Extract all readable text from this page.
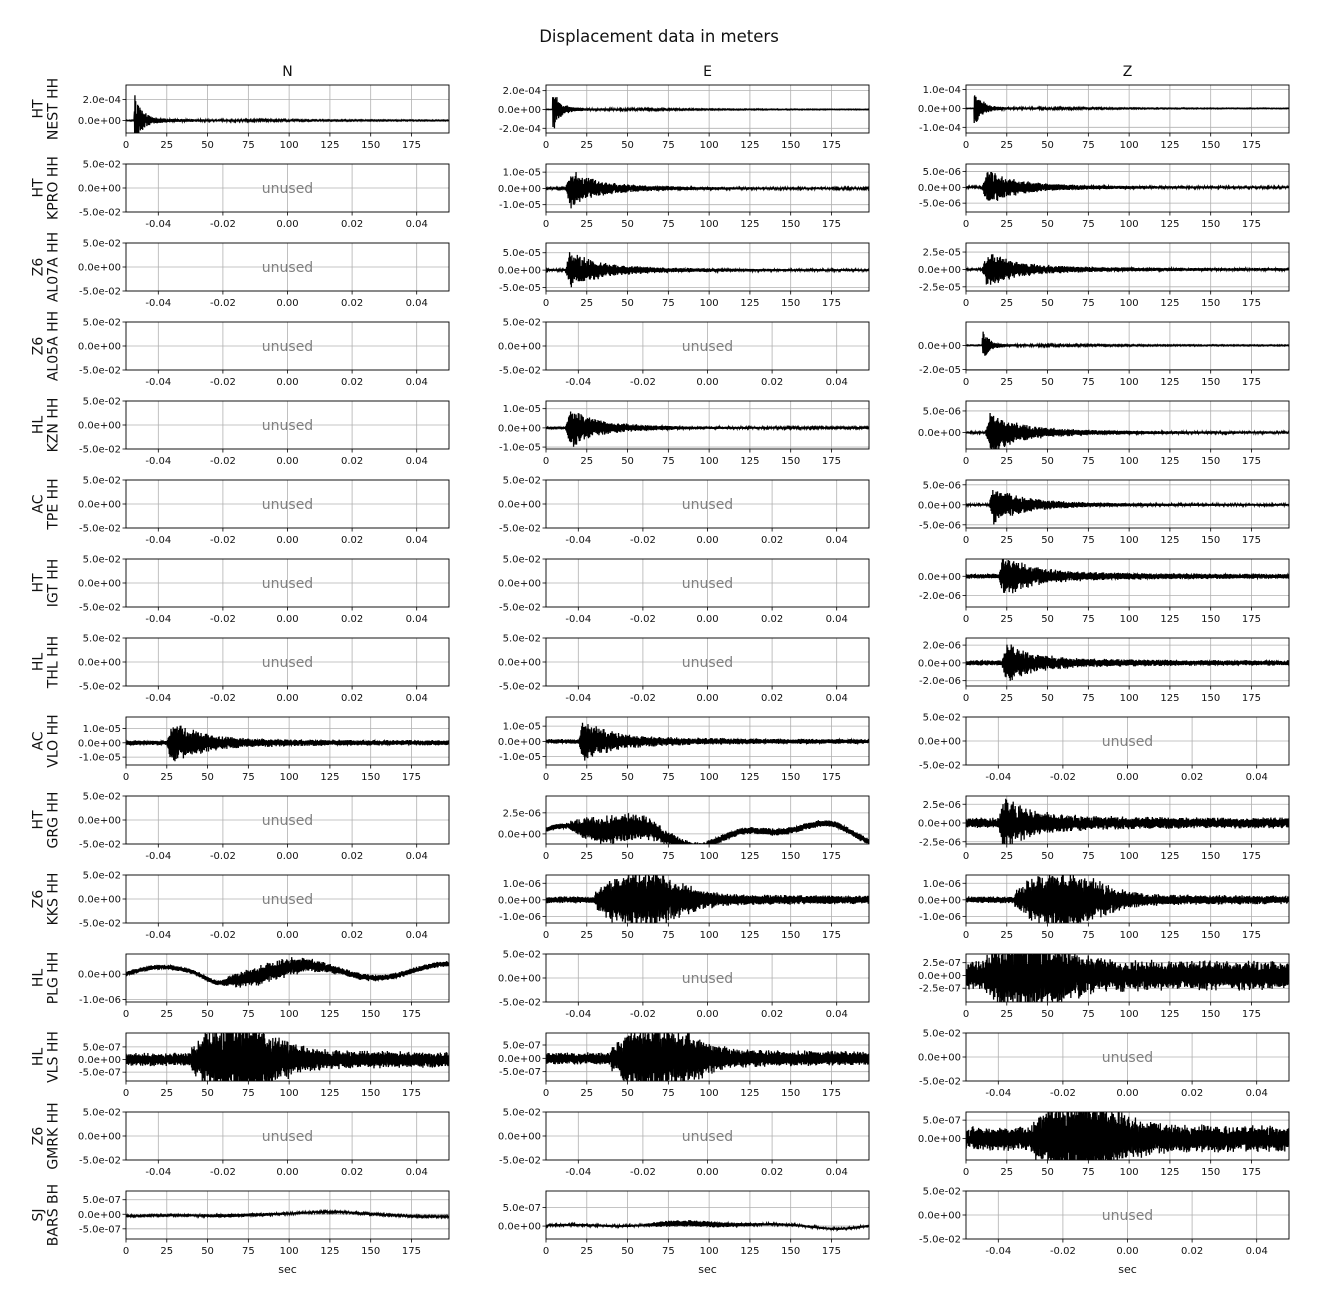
Displacement data in meters
N	E	Z
HTNEST HH
0	25	50	75 100 125 150 175
2.0e-04
0.0e+00
0	25	50	75 100 125 150 175
2.0e-04
0.0e+00
-2.0e-04
0	25	50	75 100 125 150 175
1.0e-04
0.0e+00
-1.0e-04
HTKPRO HH
-0.04	-0.02	0.00	0.02	0.04
5.0e-02
0.0e+00
-5.0e-02
unused
0	25	50	75 100 125 150 175
1.0e-05
0.0e+00
-1.0e-05
0	25	50	75 100 125 150 175
5.0e-06
0.0e+00
-5.0e-06
Z6AL07A HH
-0.04	-0.02	0.00	0.02	0.04
5.0e-02
0.0e+00
-5.0e-02
unused
0	25	50	75 100 125 150 175
5.0e-05
0.0e+00
-5.0e-05
0	25	50	75 100 125 150 175
2.5e-05
0.0e+00
-2.5e-05
Z6AL05A HH
-0.04	-0.02	0.00	0.02	0.04
5.0e-02
0.0e+00
-5.0e-02
unused
-0.04	-0.02	0.00	0.02	0.04
5.0e-02
0.0e+00
-5.0e-02
unused
0	25	50	75 100 125 150 175
0.0e+00
-2.0e-05
HLKZN HH
-0.04	-0.02	0.00	0.02	0.04
5.0e-02
0.0e+00
-5.0e-02
unused
0	25	50	75 100 125 150 175
1.0e-05
0.0e+00
-1.0e-05
0	25	50	75 100 125 150 175
5.0e-06
0.0e+00
ACTPE HH
-0.04	-0.02	0.00	0.02	0.04
5.0e-02
0.0e+00
-5.0e-02
unused
-0.04	-0.02	0.00	0.02	0.04
5.0e-02
0.0e+00
-5.0e-02
unused
0	25	50	75 100 125 150 175
5.0e-06
0.0e+00
-5.0e-06
HTIGT HH
-0.04	-0.02	0.00	0.02	0.04
5.0e-02
0.0e+00
-5.0e-02
unused
-0.04	-0.02	0.00	0.02	0.04
5.0e-02
0.0e+00
-5.0e-02
unused
0	25	50	75 100 125 150 175
0.0e+00
-2.0e-06
HLTHL HH
-0.04	-0.02	0.00	0.02	0.04
5.0e-02
0.0e+00
-5.0e-02
unused
-0.04	-0.02	0.00	0.02	0.04
5.0e-02
0.0e+00
-5.0e-02
unused
0	25	50	75 100 125 150 175
2.0e-06
0.0e+00
-2.0e-06
ACVLO HH
0	25	50	75 100 125 150 175
1.0e-05
0.0e+00
-1.0e-05
0	25	50	75 100 125 150 175
1.0e-05
0.0e+00
-1.0e-05
-0.04	-0.02	0.00	0.02	0.04
5.0e-02
0.0e+00
-5.0e-02
unused
HTGRG HH
-0.04	-0.02	0.00	0.02	0.04
5.0e-02
0.0e+00
-5.0e-02
unused
0	25	50	75 100 125 150 175
2.5e-06
0.0e+00
0	25	50	75 100 125 150 175
2.5e-06
0.0e+00
-2.5e-06
Z6KKS HH
-0.04	-0.02	0.00	0.02	0.04
5.0e-02
0.0e+00
-5.0e-02
unused
0	25	50	75 100 125 150 175
1.0e-06
0.0e+00
-1.0e-06
0	25	50	75 100 125 150 175
1.0e-06
0.0e+00
-1.0e-06
HLPLG HH
0	25	50	75 100 125 150 175
0.0e+00
-1.0e-06
-0.04	-0.02	0.00	0.02	0.04
5.0e-02
0.0e+00
-5.0e-02
unused
0	25	50	75 100 125 150 175
2.5e-07
0.0e+00
-2.5e-07
HLVLS HH
0	25	50	75 100 125 150 175
5.0e-07
0.0e+00
-5.0e-07
0	25	50	75 100 125 150 175
5.0e-07
0.0e+00
-5.0e-07
-0.04	-0.02	0.00	0.02	0.04
5.0e-02
0.0e+00
-5.0e-02
unused
Z6GMRK HH
-0.04	-0.02	0.00	0.02	0.04
5.0e-02
0.0e+00
-5.0e-02
unused
-0.04	-0.02	0.00	0.02	0.04
5.0e-02
0.0e+00
-5.0e-02
unused
0	25	50	75 100 125 150 175
5.0e-07
0.0e+00
SJBARS BH
0	25	50	75 100 125 150 175
5.0e-07
0.0e+00
-5.0e-07
sec
0	25	50	75 100 125 150 175
5.0e-07
0.0e+00
sec
-0.04	-0.02	0.00	0.02	0.04
5.0e-02
0.0e+00
-5.0e-02
unused
sec
